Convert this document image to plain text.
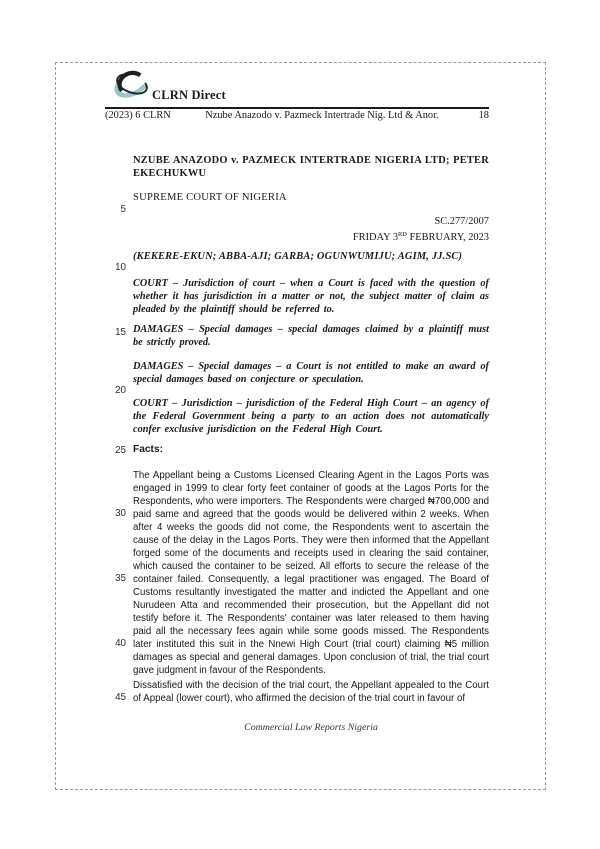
CLRN Direct
(2023) 6 CLRN	Nzube Anazodo v. Pazmeck Intertrade Nig. Ltd & Anor.	18
NZUBE ANAZODO v. PAZMECK INTERTRADE NIGERIA LTD; PETER
EKECHUKWU
SUPREME COURT OF NIGERIA
SC.277/2007
FRIDAY 3RD FEBRUARY, 2023
(KEKERE-EKUN; ABBA-AJI; GARBA; OGUNWUMIJU; AGIM, JJ.SC)
COURT – Jurisdiction of court – when a Court is faced with the question of whether it has jurisdiction in a matter or not, the subject matter of claim as pleaded by the plaintiff should be referred to.
DAMAGES – Special damages – special damages claimed by a plaintiff must be strictly proved.
DAMAGES – Special damages – a Court is not entitled to make an award of special damages based on conjecture or speculation.
COURT – Jurisdiction – jurisdiction of the Federal High Court – an agency of the Federal Government being a party to an action does not automatically confer exclusive jurisdiction on the Federal High Court.
Facts:
The Appellant being a Customs Licensed Clearing Agent in the Lagos Ports was engaged in 1999 to clear forty feet container of goods at the Lagos Ports for the Respondents, who were importers. The Respondents were charged ₦700,000 and paid same and agreed that the goods would be delivered within 2 weeks. When after 4 weeks the goods did not come, the Respondents went to ascertain the cause of the delay in the Lagos Ports. They were then informed that the Appellant forged some of the documents and receipts used in clearing the said container, which caused the container to be seized. All efforts to secure the release of the container failed. Consequently, a legal practitioner was engaged. The Board of Customs resultantly investigated the matter and indicted the Appellant and one Nurudeen Atta and recommended their prosecution, but the Appellant did not testify before it. The Respondents' container was later released to them having paid all the necessary fees again while some goods missed. The Respondents later instituted this suit in the Nnewi High Court (trial court) claiming ₦5 million damages as special and general damages. Upon conclusion of trial, the trial court gave judgment in favour of the Respondents.
Dissatisfied with the decision of the trial court, the Appellant appealed to the Court of Appeal (lower court), who affirmed the decision of the trial court in favour of
5
10
15
20
25
30
35
40
45
Commercial Law Reports Nigeria
